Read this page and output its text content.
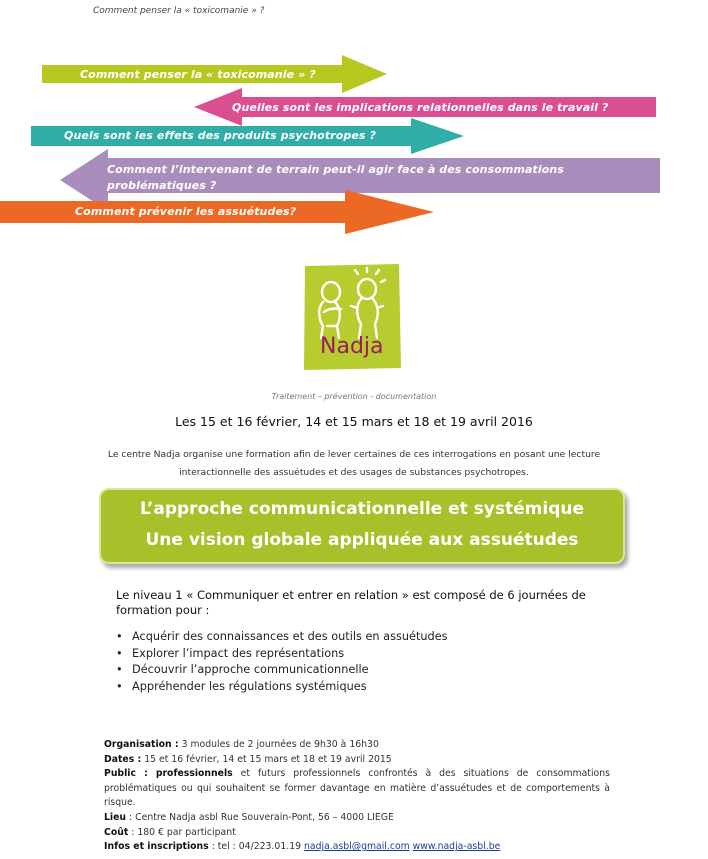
Comment penser la « toxicomanie » ?
Comment penser la « toxicomanie » ?
Quelles sont les implications relationnelles dans le travail ?
Quels sont les effets des produits psychotropes ?
Comment l’intervenant de terrain peut-il agir face à des consommations
problématiques ?
Comment prévenir les assuétudes?
Nadja
Traitement – prévention - documentation
Les 15 et 16 février, 14 et 15 mars et 18 et 19 avril 2016
Le centre Nadja organise une formation afin de lever certaines de ces interrogations en posant une lecture interactionnelle des assuétudes et des usages de substances psychotropes.
L’approche communicationnelle et systémique
Une vision globale appliquée aux assuétudes
Le niveau 1 « Communiquer et entrer en relation » est composé de 6 journées de formation pour :
• Acquérir des connaissances et des outils en assuétudes
• Explorer l’impact des représentations
• Découvrir l’approche communicationnelle
• Appréhender les régulations systémiques

Organisation : 3 modules de 2 journées de 9h30 à 16h30

Dates : 15 et 16 février, 14 et 15 mars et 18 et 19 avril 2015

Public : professionnels et futurs professionnels confrontés à des situations de consommations problématiques ou qui souhaitent se former davantage en matière d’assuétudes et de comportements à risque.

Lieu : Centre Nadja asbl Rue Souverain-Pont, 56 – 4000 LIEGE

Coût : 180 € par participant

Infos et inscriptions : tel : 04/223.01.19 nadja.asbl@gmail.com www.nadja-asbl.be
